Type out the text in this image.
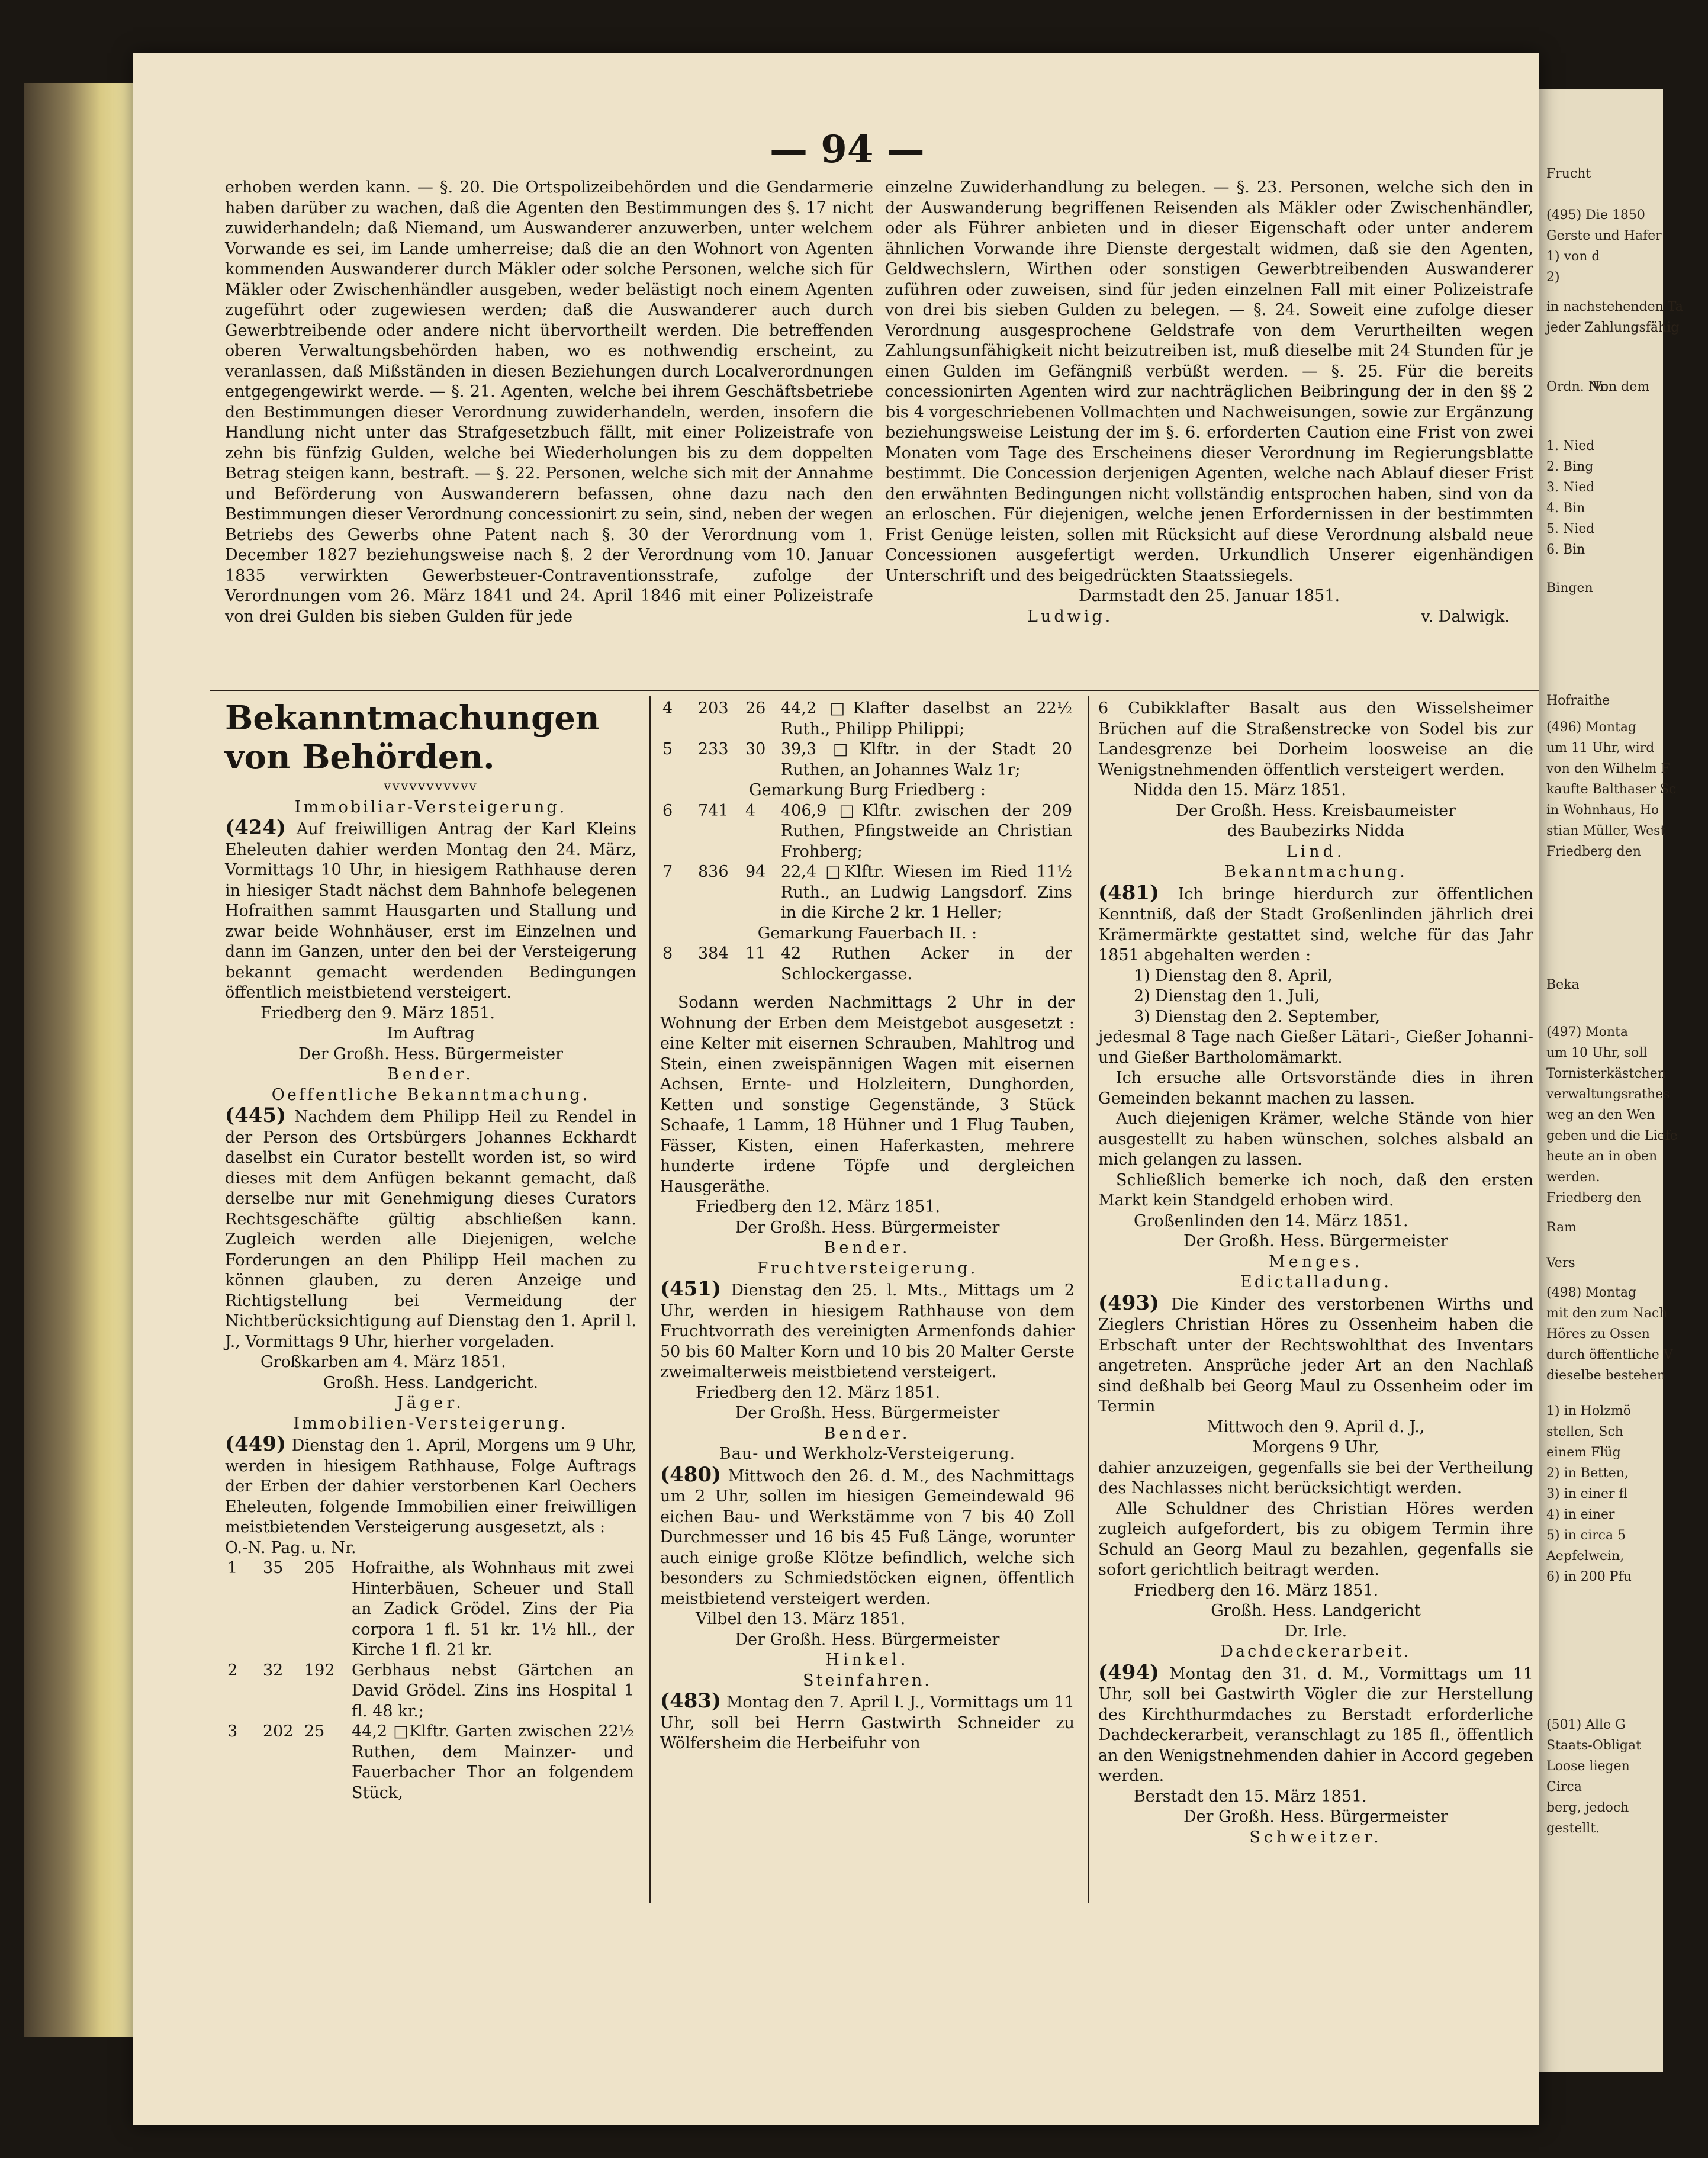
Frucht
(495) Die 1850
Gerste und Hafer
1) von d
2)
in nachstehenden Ta
jeder Zahlungsfähig
Ordn. Nr.
Von dem
1. Nied
2. Bing
3. Nied
4. Bin
5. Nied
6. Bin
Bingen
Hofraithe
(496) Montag
um 11 Uhr, wird
von den Wilhelm F
kaufte Balthaser Sc
in Wohnhaus, Ho
stian Müller, West
Friedberg den
Beka
(497) Monta
um 10 Uhr, soll
Tornisterkästchen
verwaltungsrathes
weg an den Wen
geben und die Liefe
heute an in oben
werden.
Friedberg den
Ram
Vers
(498) Montag
mit den zum Nach
Höres zu Ossen
durch öffentliche V
dieselbe bestehen
1) in Holzmö
stellen, Sch
einem Flüg
2) in Betten,
3) in einer fl
4) in einer
5) in circa 5
Aepfelwein,
6) in 200 Pfu
(501) Alle G
Staats-Obligat
Loose liegen
Circa
berg, jedoch
gestellt.
— 94 —

erhoben werden kann. — §. 20. Die Ortspolizeibehörden und die Gendarmerie haben darüber zu wachen, daß die Agenten den Bestimmungen des §. 17 nicht zuwiderhandeln; daß Niemand, um Auswanderer anzuwerben, unter welchem Vorwande es sei, im Lande umherreise; daß die an den Wohnort von Agenten kommenden Auswanderer durch Mäkler oder solche Personen, welche sich für Mäkler oder Zwischenhändler ausgeben, weder belästigt noch einem Agenten zugeführt oder zugewiesen werden; daß die Auswanderer auch durch Gewerbtreibende oder andere nicht übervortheilt werden. Die betreffenden oberen Verwaltungsbehörden haben, wo es nothwendig erscheint, zu veranlassen, daß Mißständen in diesen Beziehungen durch Localverordnungen entgegengewirkt werde. — §. 21. Agenten, welche bei ihrem Geschäftsbetriebe den Bestimmungen dieser Verordnung zuwiderhandeln, werden, insofern die Handlung nicht unter das Strafgesetzbuch fällt, mit einer Polizeistrafe von zehn bis fünfzig Gulden, welche bei Wiederholungen bis zu dem doppelten Betrag steigen kann, bestraft. — §. 22. Personen, welche sich mit der Annahme und Beförderung von Auswanderern befassen, ohne dazu nach den Bestimmungen dieser Verordnung concessionirt zu sein, sind, neben der wegen Betriebs des Gewerbs ohne Patent nach §. 30 der Verordnung vom 1. December 1827 beziehungsweise nach §. 2 der Verordnung vom 10. Januar 1835 verwirkten Gewerbsteuer-Contraventionsstrafe, zufolge der Verordnungen vom 26. März 1841 und 24. April 1846 mit einer Polizeistrafe von drei Gulden bis sieben Gulden für jede

einzelne Zuwiderhandlung zu belegen. — §. 23. Personen, welche sich den in der Auswanderung begriffenen Reisenden als Mäkler oder Zwischenhändler, oder als Führer anbieten und in dieser Eigenschaft oder unter anderem ähnlichen Vorwande ihre Dienste dergestalt widmen, daß sie den Agenten, Geldwechslern, Wirthen oder sonstigen Gewerbtreibenden Auswanderer zuführen oder zuweisen, sind für jeden einzelnen Fall mit einer Polizeistrafe von drei bis sieben Gulden zu belegen. — §. 24. Soweit eine zufolge dieser Verordnung ausgesprochene Geldstrafe von dem Verurtheilten wegen Zahlungsunfähigkeit nicht beizutreiben ist, muß dieselbe mit 24 Stunden für je einen Gulden im Gefängniß verbüßt werden. — §. 25. Für die bereits concessionirten Agenten wird zur nachträglichen Beibringung der in den §§ 2 bis 4 vorgeschriebenen Vollmachten und Nachweisungen, sowie zur Ergänzung beziehungsweise Leistung der im §. 6. erforderten Caution eine Frist von zwei Monaten vom Tage des Erscheinens dieser Verordnung im Regierungsblatte bestimmt. Die Concession derjenigen Agenten, welche nach Ablauf dieser Frist den erwähnten Bedingungen nicht vollständig entsprochen haben, sind von da an erloschen. Für diejenigen, welche jenen Erfordernissen in der bestimmten Frist Genüge leisten, sollen mit Rücksicht auf diese Verordnung alsbald neue Concessionen ausgefertigt werden. Urkundlich Unserer eigenhändigen Unterschrift und des beigedrückten Staatssiegels.

Darmstadt den 25. Januar 1851.

Ludwig.	v. Dalwigk.

Bekanntmachungen von Behörden.

vvvvvvvvvvv

Immobiliar-Versteigerung.

(424) Auf freiwilligen Antrag der Karl Kleins Eheleuten dahier werden Montag den 24. März, Vormittags 10 Uhr, in hiesigem Rathhause deren in hiesiger Stadt nächst dem Bahnhofe belegenen Hofraithen sammt Hausgarten und Stallung und zwar beide Wohnhäuser, erst im Einzelnen und dann im Ganzen, unter den bei der Versteigerung bekannt gemacht werdenden Bedingungen öffentlich meistbietend versteigert.

Friedberg den 9. März 1851.

Im Auftrag

Der Großh. Hess. Bürgermeister

Bender.

Oeffentliche Bekanntmachung.

(445) Nachdem dem Philipp Heil zu Rendel in der Person des Ortsbürgers Johannes Eckhardt daselbst ein Curator bestellt worden ist, so wird dieses mit dem Anfügen bekannt gemacht, daß derselbe nur mit Genehmigung dieses Curators Rechtsgeschäfte gültig abschließen kann. Zugleich werden alle Diejenigen, welche Forderungen an den Philipp Heil machen zu können glauben, zu deren Anzeige und Richtigstellung bei Vermeidung der Nichtberücksichtigung auf Dienstag den 1. April l. J., Vormittags 9 Uhr, hierher vorgeladen.

Großkarben am 4. März 1851.

Großh. Hess. Landgericht.

Jäger.

Immobilien-Versteigerung.

(449) Dienstag den 1. April, Morgens um 9 Uhr, werden in hiesigem Rathhause, Folge Auftrags der Erben der dahier verstorbenen Karl Oechers Eheleuten, folgende Immobilien einer freiwilligen meistbietenden Versteigerung ausgesetzt, als :

O.-N. Pag. u. Nr.

1	35	205	Hofraithe, als Wohnhaus mit zwei Hinterbäuen, Scheuer und Stall an Zadick Grödel. Zins der Pia corpora 1 fl. 51 kr. 1½ hll., der Kirche 1 fl. 21 kr.
2	32	192	Gerbhaus nebst Gärtchen an David Grödel. Zins ins Hospital 1 fl. 48 kr.;
3	202	25	44,2 □Klftr. Garten zwischen 22½ Ruthen, dem Mainzer- und Fauerbacher Thor an folgendem Stück,
4	203	26	44,2 □Klafter daselbst an 22½ Ruth., Philipp Philippi;
5	233	30	39,3 □Klftr. in der Stadt 20 Ruthen, an Johannes Walz 1r;

Gemarkung Burg Friedberg :

6	741	4	406,9 □Klftr. zwischen der 209 Ruthen, Pfingstweide an Christian Frohberg;
7	836	94	22,4 □Klftr. Wiesen im Ried 11½ Ruth., an Ludwig Langsdorf. Zins in die Kirche 2 kr. 1 Heller;

Gemarkung Fauerbach II. :

8	384	11	42 Ruthen Acker in der Schlockergasse.

Sodann werden Nachmittags 2 Uhr in der Wohnung der Erben dem Meistgebot ausgesetzt : eine Kelter mit eisernen Schrauben, Mahltrog und Stein, einen zweispännigen Wagen mit eisernen Achsen, Ernte- und Holzleitern, Dunghorden, Ketten und sonstige Gegenstände, 3 Stück Schaafe, 1 Lamm, 18 Hühner und 1 Flug Tauben, Fässer, Kisten, einen Haferkasten, mehrere hunderte irdene Töpfe und dergleichen Hausgeräthe.

Friedberg den 12. März 1851.

Der Großh. Hess. Bürgermeister

Bender.

Fruchtversteigerung.

(451) Dienstag den 25. l. Mts., Mittags um 2 Uhr, werden in hiesigem Rathhause von dem Fruchtvorrath des vereinigten Armenfonds dahier 50 bis 60 Malter Korn und 10 bis 20 Malter Gerste zweimalterweis meistbietend versteigert.

Friedberg den 12. März 1851.

Der Großh. Hess. Bürgermeister

Bender.

Bau- und Werkholz-Versteigerung.

(480) Mittwoch den 26. d. M., des Nachmittags um 2 Uhr, sollen im hiesigen Gemeindewald 96 eichen Bau- und Werkstämme von 7 bis 40 Zoll Durchmesser und 16 bis 45 Fuß Länge, worunter auch einige große Klötze befindlich, welche sich besonders zu Schmiedstöcken eignen, öffentlich meistbietend versteigert werden.

Vilbel den 13. März 1851.

Der Großh. Hess. Bürgermeister

Hinkel.

Steinfahren.

(483) Montag den 7. April l. J., Vormittags um 11 Uhr, soll bei Herrn Gastwirth Schneider zu Wölfersheim die Herbeifuhr von

6 Cubikklafter Basalt aus den Wisselsheimer Brüchen auf die Straßenstrecke von Sodel bis zur Landesgrenze bei Dorheim loosweise an die Wenigstnehmenden öffentlich versteigert werden.

Nidda den 15. März 1851.

Der Großh. Hess. Kreisbaumeister

des Baubezirks Nidda

Lind.

Bekanntmachung.

(481) Ich bringe hierdurch zur öffentlichen Kenntniß, daß der Stadt Großenlinden jährlich drei Krämermärkte gestattet sind, welche für das Jahr 1851 abgehalten werden :

1) Dienstag den 8. April,

2) Dienstag den 1. Juli,

3) Dienstag den 2. September,

jedesmal 8 Tage nach Gießer Lätari-, Gießer Johanni- und Gießer Bartholomämarkt.

Ich ersuche alle Ortsvorstände dies in ihren Gemeinden bekannt machen zu lassen.

Auch diejenigen Krämer, welche Stände von hier ausgestellt zu haben wünschen, solches alsbald an mich gelangen zu lassen.

Schließlich bemerke ich noch, daß den ersten Markt kein Standgeld erhoben wird.

Großenlinden den 14. März 1851.

Der Großh. Hess. Bürgermeister

Menges.

Edictalladung.

(493) Die Kinder des verstorbenen Wirths und Zieglers Christian Höres zu Ossenheim haben die Erbschaft unter der Rechtswohlthat des Inventars angetreten. Ansprüche jeder Art an den Nachlaß sind deßhalb bei Georg Maul zu Ossenheim oder im Termin

Mittwoch den 9. April d. J.,

Morgens 9 Uhr,

dahier anzuzeigen, gegenfalls sie bei der Vertheilung des Nachlasses nicht berücksichtigt werden.

Alle Schuldner des Christian Höres werden zugleich aufgefordert, bis zu obigem Termin ihre Schuld an Georg Maul zu bezahlen, gegenfalls sie sofort gerichtlich beitragt werden.

Friedberg den 16. März 1851.

Großh. Hess. Landgericht

Dr. Irle.

Dachdeckerarbeit.

(494) Montag den 31. d. M., Vormittags um 11 Uhr, soll bei Gastwirth Vögler die zur Herstellung des Kirchthurmdaches zu Berstadt erforderliche Dachdeckerarbeit, veranschlagt zu 185 fl., öffentlich an den Wenigstnehmenden dahier in Accord gegeben werden.

Berstadt den 15. März 1851.

Der Großh. Hess. Bürgermeister

Schweitzer.
